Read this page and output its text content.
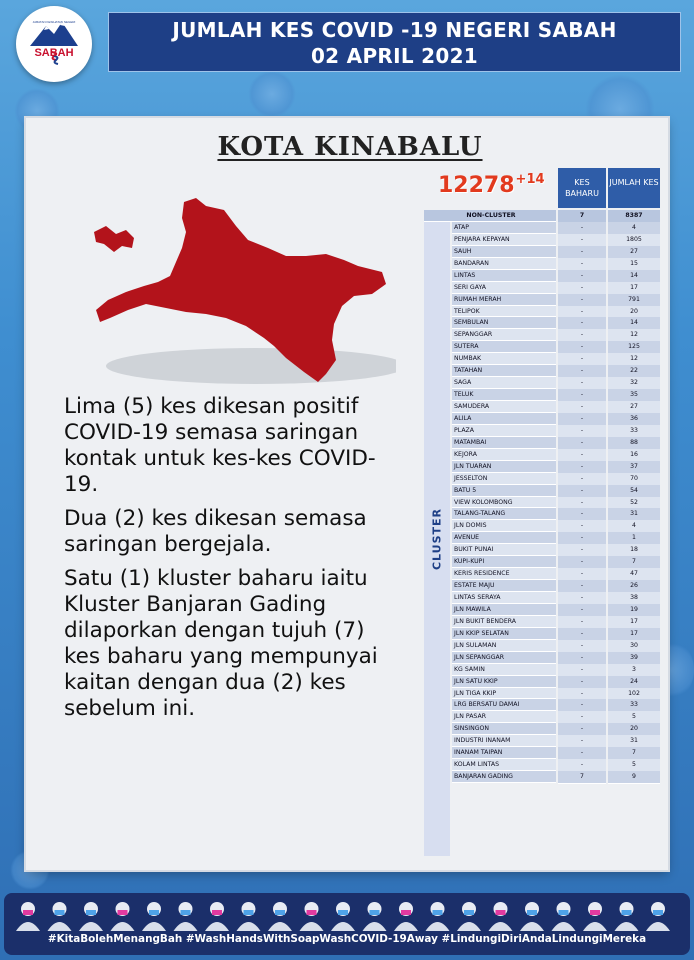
JABATAN KESIHATAN NEGERI
SABAH
JUMLAH KES COVID -19 NEGERI SABAH
02 APRIL 2021
KOTA KINABALU

Lima (5) kes dikesan positif COVID-19 semasa saringan kontak untuk kes-kes COVID-19.

Dua (2) kes dikesan semasa saringan bergejala.

Satu (1) kluster baharu iaitu Kluster Banjaran Gading dilaporkan dengan tujuh (7) kes baharu yang mempunyai kaitan dengan dua (2) kes sebelum ini.

$12278^{+14}$	KES BAHARU
JUMLAH KES
CLUSTER
NON-CLUSTER	7	8387
ATAP	-	4
PENJARA KEPAYAN	-	1805
SAUH	-	27
BANDARAN	-	15
LINTAS	-	14
SERI GAYA	-	17
RUMAH MERAH	-	791
TELIPOK	-	20
SEMBULAN	-	14
SEPANGGAR	-	12
SUTERA	-	125
NUMBAK	-	12
TATAHAN	-	22
SAGA	-	32
TELUK	-	35
SAMUDERA	-	27
ALILA	-	36
PLAZA	-	33
MATAMBAI	-	88
KEJORA	-	16
JLN TUARAN	-	37
JESSELTON	-	70
BATU 5	-	54
VIEW KOLOMBONG	-	52
TALANG-TALANG	-	31
JLN DOMIS	-	4
AVENUE	-	1
BUKIT PUNAI	-	18
KUPI-KUPI	-	7
KERIS RESIDENCE	-	47
ESTATE MAJU	-	26
LINTAS SERAYA	-	38
JLN MAWILA	-	19
JLN BUKIT BENDERA	-	17
JLN KKIP SELATAN	-	17
JLN SULAMAN	-	30
JLN SEPANGGAR	-	39
KG SAMIN	-	3
JLN SATU KKIP	-	24
JLN TIGA KKIP	-	102
LRG BERSATU DAMAI	-	33
JLN PASAR	-	5
SINSINGON	-	20
INDUSTRI INANAM	-	31
INANAM TAIPAN	-	7
KOLAM LINTAS	-	5
BANJARAN GADING	7	9
#KitaBolehMenangBah #WashHandsWithSoapWashCOVID-19Away #LindungiDiriAndaLindungiMereka
